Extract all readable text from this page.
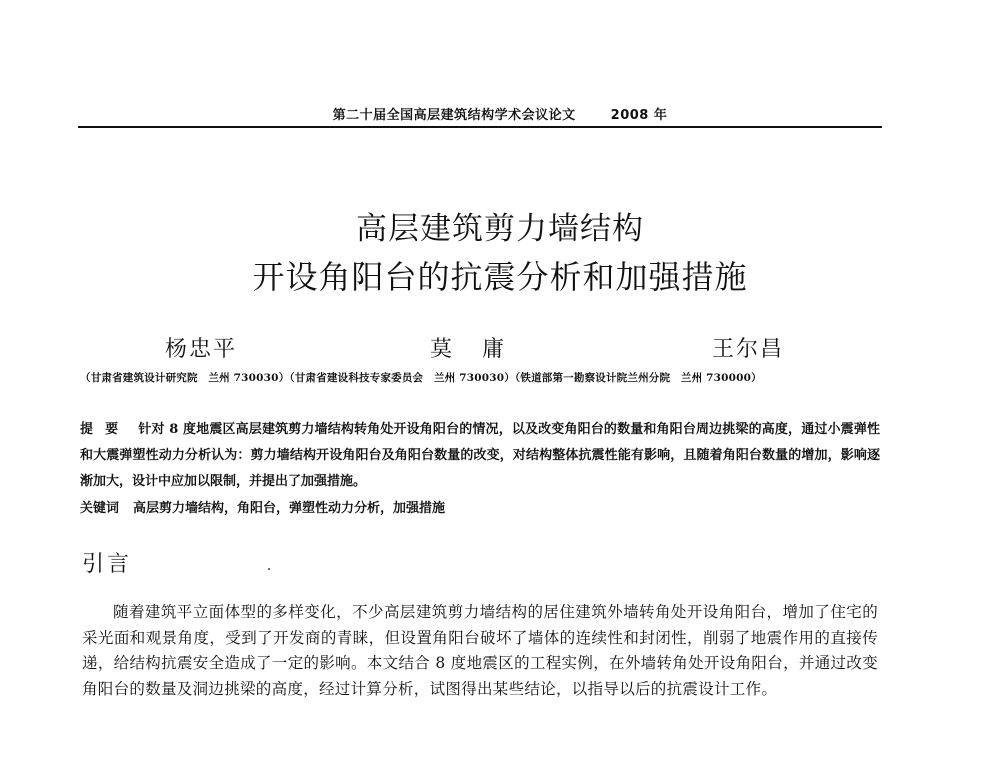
第二十届全国高层建筑结构学术会议论文	2008 年
高层建筑剪力墙结构
开设角阳台的抗震分析和加强措施
杨忠平	莫庸	王尔昌
（甘肃省建筑设计研究院　兰州 730030）（甘肃省建设科技专家委员会　兰州 730030）（铁道部第一勘察设计院兰州分院　兰州 730000）
提要 针对 8 度地震区高层建筑剪力墙结构转角处开设角阳台的情况，以及改变角阳台的数量和角阳台周边挑梁的高度，通过小震弹性和大震弹塑性动力分析认为：剪力墙结构开设角阳台及角阳台数量的改变，对结构整体抗震性能有影响，且随着角阳台数量的增加，影响逐渐加大，设计中应加以限制，并提出了加强措施。
关键词 高层剪力墙结构，角阳台，弹塑性动力分析，加强措施
引言
随着建筑平立面体型的多样变化，不少高层建筑剪力墙结构的居住建筑外墙转角处开设角阳台，增加了住宅的采光面和观景角度，受到了开发商的青睐，但设置角阳台破坏了墙体的连续性和封闭性，削弱了地震作用的直接传递，给结构抗震安全造成了一定的影响。本文结合 8 度地震区的工程实例，在外墙转角处开设角阳台，并通过改变角阳台的数量及洞边挑梁的高度，经过计算分析，试图得出某些结论，以指导以后的抗震设计工作。
